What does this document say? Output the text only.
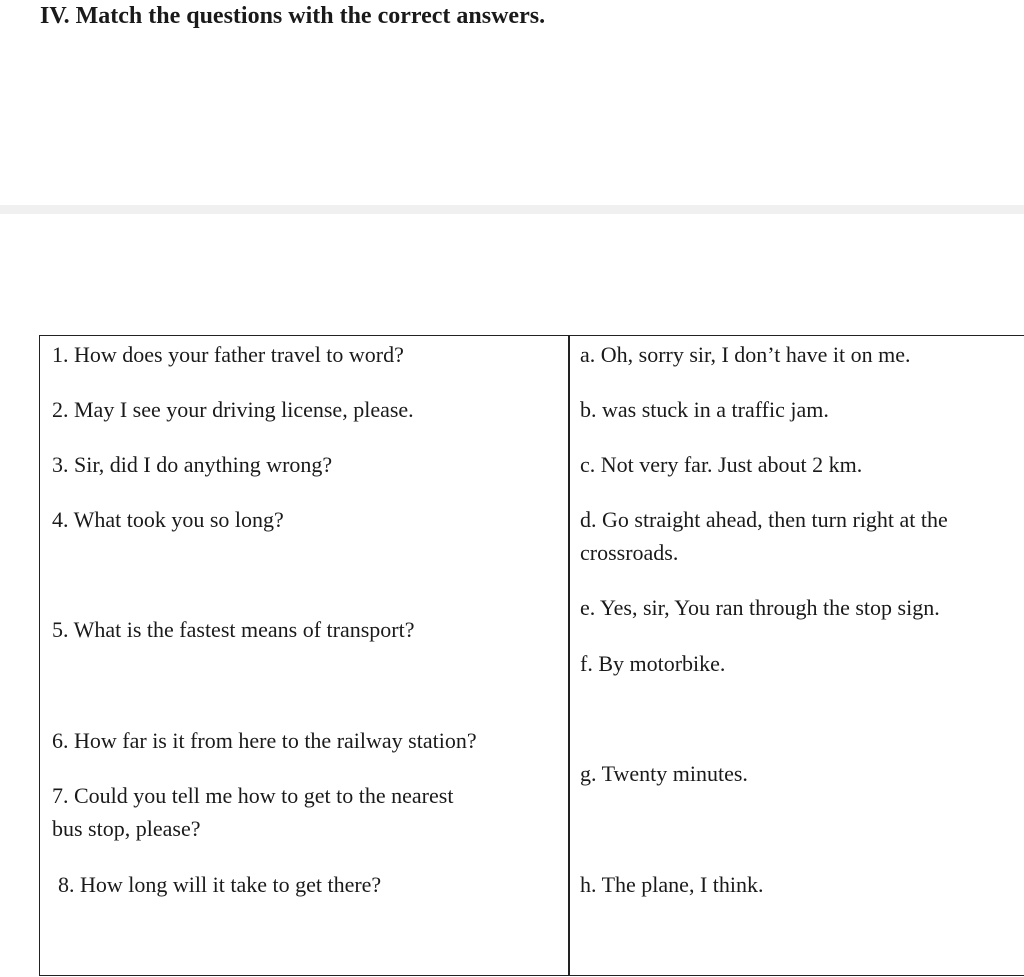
IV. Match the questions with the correct answers.
1. How does your father travel to word?
2. May I see your driving license, please.
3. Sir, did I do anything wrong?
4. What took you so long?
5. What is the fastest means of transport?
6. How far is it from here to the railway station?
7. Could you tell me how to get to the nearest
bus stop, please?
8. How long will it take to get there?
a. Oh, sorry sir, I don’t have it on me.
b. was stuck in a traffic jam.
c. Not very far. Just about 2 km.
d. Go straight ahead, then turn right at the
crossroads.
e. Yes, sir, You ran through the stop sign.
f. By motorbike.
g. Twenty minutes.
h. The plane, I think.
